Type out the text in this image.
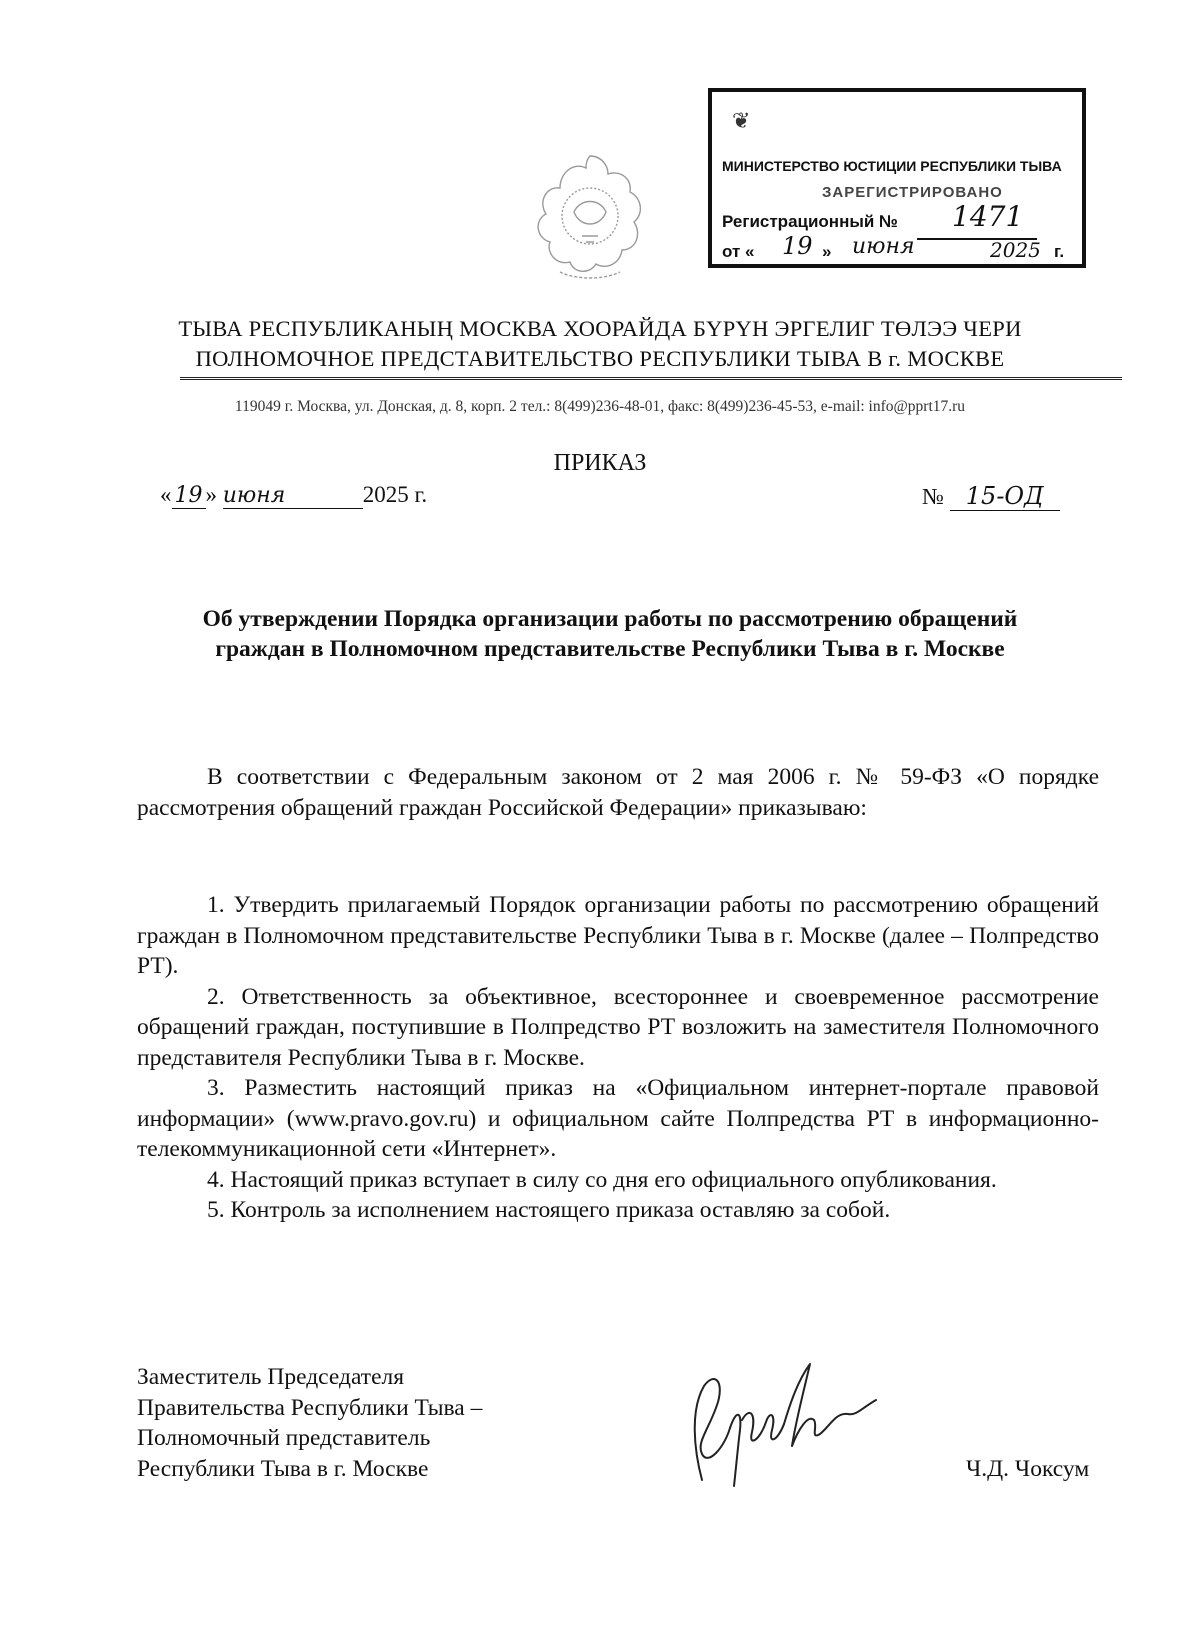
❦
МИНИСТЕРСТВО ЮСТИЦИИ РЕСПУБЛИКИ ТЫВА
ЗАРЕГИСТРИРОВАНО
Регистрационный № 1471
от « 19 » июня	2025 г.
ТЫВА РЕСПУБЛИКАНЫҢ МОСКВА ХООРАЙДА БҮРҮН ЭРГЕЛИГ ТӨЛЭЭ ЧЕРИ
ПОЛНОМОЧНОЕ ПРЕДСТАВИТЕЛЬСТВО РЕСПУБЛИКИ ТЫВА В г. МОСКВЕ
119049 г. Москва, ул. Донская, д. 8, корп. 2 тел.: 8(499)236-48-01, факс: 8(499)236-45-53, e-mail: info@pprt17.ru
ПРИКАЗ
« 19 » июня	2025 г.	№ 15-ОД
Об утверждении Порядка организации работы по рассмотрению обращений
граждан в Полномочном представительстве Республики Тыва в г. Москве
В соответствии с Федеральным законом от 2 мая 2006 г. № 59-ФЗ «О порядке рассмотрения обращений граждан Российской Федерации» приказываю:

1. Утвердить прилагаемый Порядок организации работы по рассмотрению обращений граждан в Полномочном представительстве Республики Тыва в г. Москве (далее – Полпредство РТ).

2. Ответственность за объективное, всестороннее и своевременное рассмотрение обращений граждан, поступившие в Полпредство РТ возложить на заместителя Полномочного представителя Республики Тыва в г. Москве.

3. Разместить настоящий приказ на «Официальном интернет-портале правовой информации» (www.pravo.gov.ru) и официальном сайте Полпредства РТ в информационно-телекоммуникационной сети «Интернет».

4. Настоящий приказ вступает в силу со дня его официального опубликования.

5. Контроль за исполнением настоящего приказа оставляю за собой.

Заместитель Председателя
Правительства Республики Тыва –
Полномочный представитель
Республики Тыва в г. Москве	Ч.Д. Чоксум
